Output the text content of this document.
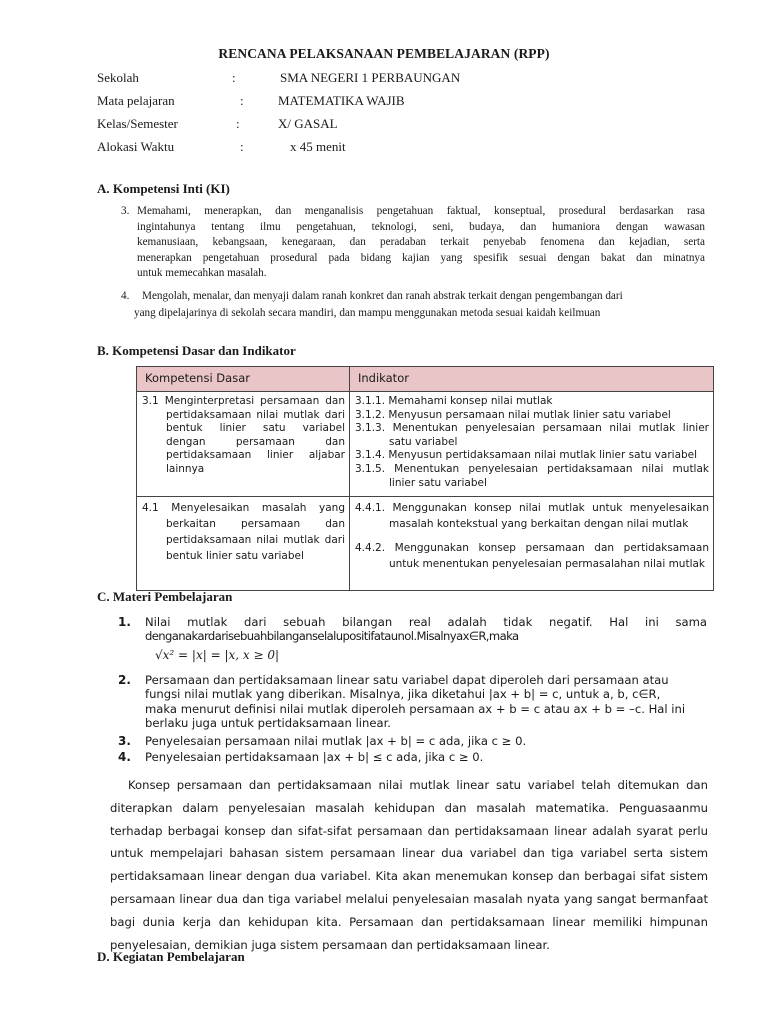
RENCANA PELAKSANAAN PEMBELAJARAN (RPP)
Sekolah	:	SMA NEGERI 1 PERBAUNGAN
Mata pelajaran	:	MATEMATIKA WAJIB
Kelas/Semester	:	X/ GASAL
Alokasi Waktu	:	x 45 menit
A. Kompetensi Inti (KI)
3. Memahami, menerapkan, dan menganalisis pengetahuan faktual, konseptual, prosedural berdasarkan rasa
ingintahunya tentang ilmu pengetahuan, teknologi, seni, budaya, dan humaniora dengan wawasan
kemanusiaan, kebangsaan, kenegaraan, dan peradaban terkait penyebab fenomena dan kejadian, serta
menerapkan pengetahuan prosedural pada bidang kajian yang spesifik sesuai dengan bakat dan minatnya
untuk memecahkan masalah.
4. Mengolah, menalar, dan menyaji dalam ranah konkret dan ranah abstrak terkait dengan pengembangan dari
yang dipelajarinya di sekolah secara mandiri, dan mampu menggunakan metoda sesuai kaidah keilmuan
B. Kompetensi Dasar dan Indikator
Kompetensi Dasar	Indikator

3.1 Menginterpretasi persamaan dan pertidaksamaan nilai mutlak dari bentuk linier satu variabel dengan persamaan dan pertidaksamaan linier aljabar lainnya	3.1.1. Memahami konsep nilai mutlak
3.1.2. Menyusun persamaan nilai mutlak linier satu variabel
3.1.3. Menentukan penyelesaian persamaan nilai mutlak linier satu variabel
3.1.4. Menyusun pertidaksamaan nilai mutlak linier satu variabel
3.1.5. Menentukan penyelesaian pertidaksamaan nilai mutlak linier satu variabel

4.1 Menyelesaikan masalah yang berkaitan persamaan dan pertidaksamaan nilai mutlak dari bentuk linier satu variabel	4.4.1. Menggunakan konsep nilai mutlak untuk menyelesaikan masalah kontekstual yang berkaitan dengan nilai mutlak
4.4.2. Menggunakan konsep persamaan dan pertidaksamaan untuk menentukan penyelesaian permasalahan nilai mutlak
C. Materi Pembelajaran
1. Nilai mutlak dari sebuah bilangan real adalah tidak negatif. Hal ini sama
denganakardarisebuahbilanganselalupositifataunol.Misalnyax∈R,maka
√x² = |x| = |x, x ≥ 0|
2. Persamaan dan pertidaksamaan linear satu variabel dapat diperoleh dari persamaan atau
fungsi nilai mutlak yang diberikan. Misalnya, jika diketahui |ax + b| = c, untuk a, b, c∈R,
maka menurut definisi nilai mutlak diperoleh persamaan ax + b = c atau ax + b = –c. Hal ini
berlaku juga untuk pertidaksamaan linear.
3. Penyelesaian persamaan nilai mutlak |ax + b| = c ada, jika c ≥ 0.
4. Penyelesaian pertidaksamaan |ax + b| ≤ c ada, jika c ≥ 0.
Konsep persamaan dan pertidaksamaan nilai mutlak linear satu variabel telah ditemukan dan
diterapkan dalam penyelesaian masalah kehidupan dan masalah matematika. Penguasaanmu
terhadap berbagai konsep dan sifat-sifat persamaan dan pertidaksamaan linear adalah syarat perlu
untuk mempelajari bahasan sistem persamaan linear dua variabel dan tiga variabel serta sistem
pertidaksamaan linear dengan dua variabel. Kita akan menemukan konsep dan berbagai sifat sistem
persamaan linear dua dan tiga variabel melalui penyelesaian masalah nyata yang sangat bermanfaat
bagi dunia kerja dan kehidupan kita. Persamaan dan pertidaksamaan linear memiliki himpunan
penyelesaian, demikian juga sistem persamaan dan pertidaksamaan linear.
D. Kegiatan Pembelajaran
